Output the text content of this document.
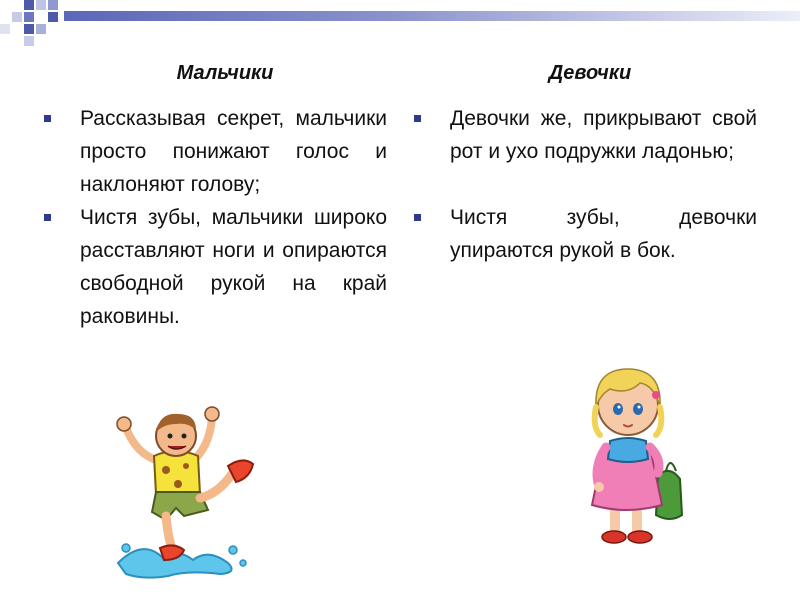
Мальчики	Девочки
Рассказывая секрет, мальчики просто понижают голос и наклоняют голову;
Чистя зубы, мальчики широко расставляют ноги и опираются свободной рукой на край раковины.
Девочки же, прикрывают свой рот и ухо подружки ладонью;
Чистя зубы, девочки упираются рукой в бок.
